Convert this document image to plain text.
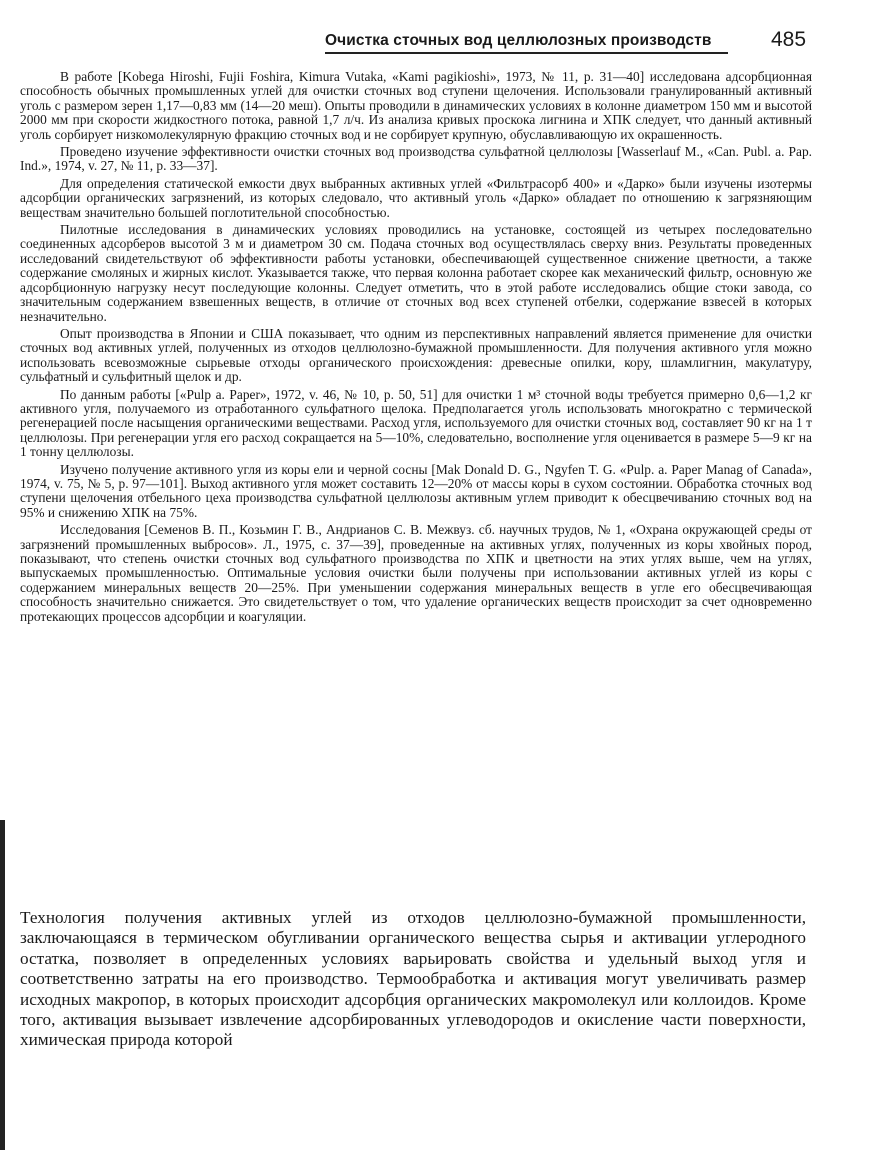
Очистка сточных вод целлюлозных производств	485

В работе [Kobega Hiroshi, Fujii Foshira, Kimura Vutaka, «Kami pagikioshi», 1973, № 11, p. 31—40] исследована адсорбционная способность обычных промышленных углей для очистки сточных вод ступени щелочения. Использовали гранулированный активный уголь с размером зерен 1,17—0,83 мм (14—20 меш). Опыты проводили в динамических условиях в колонне диаметром 150 мм и высотой 2000 мм при скорости жидкостного потока, равной 1,7 л/ч. Из анализа кривых проскока лигнина и ХПК следует, что данный активный уголь сорбирует низкомолекулярную фракцию сточных вод и не сорбирует крупную, обуславливающую их окрашенность.

Проведено изучение эффективности очистки сточных вод производства сульфатной целлюлозы [Wasserlauf M., «Can. Publ. a. Pap. Ind.», 1974, v. 27, № 11, p. 33—37].

Для определения статической емкости двух выбранных активных углей «Фильтрасорб 400» и «Дарко» были изучены изотермы адсорбции органических загрязнений, из которых следовало, что активный уголь «Дарко» обладает по отношению к загрязняющим веществам значительно большей поглотительной способностью.

Пилотные исследования в динамических условиях проводились на установке, состоящей из четырех последовательно соединенных адсорберов высотой 3 м и диаметром 30 см. Подача сточных вод осуществлялась сверху вниз. Результаты проведенных исследований свидетельствуют об эффективности работы установки, обеспечивающей существенное снижение цветности, а также содержание смоляных и жирных кислот. Указывается также, что первая колонна работает скорее как механический фильтр, основную же адсорбционную нагрузку несут последующие колонны. Следует отметить, что в этой работе исследовались общие стоки завода, со значительным содержанием взвешенных веществ, в отличие от сточных вод всех ступеней отбелки, содержание взвесей в которых незначительно.

Опыт производства в Японии и США показывает, что одним из перспективных направлений является применение для очистки сточных вод активных углей, полученных из отходов целлюлозно-бумажной промышленности. Для получения активного угля можно использовать всевозможные сырьевые отходы органического происхождения: древесные опилки, кору, шламлигнин, макулатуру, сульфатный и сульфитный щелок и др.

По данным работы [«Pulp a. Paper», 1972, v. 46, № 10, p. 50, 51] для очистки 1 м³ сточной воды требуется примерно 0,6—1,2 кг активного угля, получаемого из отработанного сульфатного щелока. Предполагается уголь использовать многократно с термической регенерацией после насыщения органическими веществами. Расход угля, используемого для очистки сточных вод, составляет 90 кг на 1 т целлюлозы. При регенерации угля его расход сокращается на 5—10%, следовательно, восполнение угля оценивается в размере 5—9 кг на 1 тонну целлюлозы.

Изучено получение активного угля из коры ели и черной сосны [Mak Donald D. G., Ngyfen T. G. «Pulp. a. Paper Manag of Canada», 1974, v. 75, № 5, p. 97—101]. Выход активного угля может составить 12—20% от массы коры в сухом состоянии. Обработка сточных вод ступени щелочения отбельного цеха производства сульфатной целлюлозы активным углем приводит к обесцвечиванию сточных вод на 95% и снижению ХПК на 75%.

Исследования [Семенов В. П., Козьмин Г. В., Андрианов С. В. Межвуз. сб. научных трудов, № 1, «Охрана окружающей среды от загрязнений промышленных выбросов». Л., 1975, с. 37—39], проведенные на активных углях, полученных из коры хвойных пород, показывают, что степень очистки сточных вод сульфатного производства по ХПК и цветности на этих углях выше, чем на углях, выпускаемых промышленностью. Оптимальные условия очистки были получены при использовании активных углей из коры с содержанием минеральных веществ 20—25%. При уменьшении содержания минеральных веществ в угле его обесцвечивающая способность значительно снижается. Это свидетельствует о том, что удаление органических веществ происходит за счет одновременно протекающих процессов адсорбции и коагуляции.

Технология получения активных углей из отходов целлюлозно-бумажной промышленности, заключающаяся в термическом обугливании органического вещества сырья и активации углеродного остатка, позволяет в определенных условиях варьировать свойства и удельный выход угля и соответственно затраты на его производство. Термообработка и активация могут увеличивать размер исходных макропор, в которых происходит адсорбция органических макромолекул или коллоидов. Кроме того, активация вызывает извлечение адсорбированных углеводородов и окисление части поверхности, химическая природа которой
